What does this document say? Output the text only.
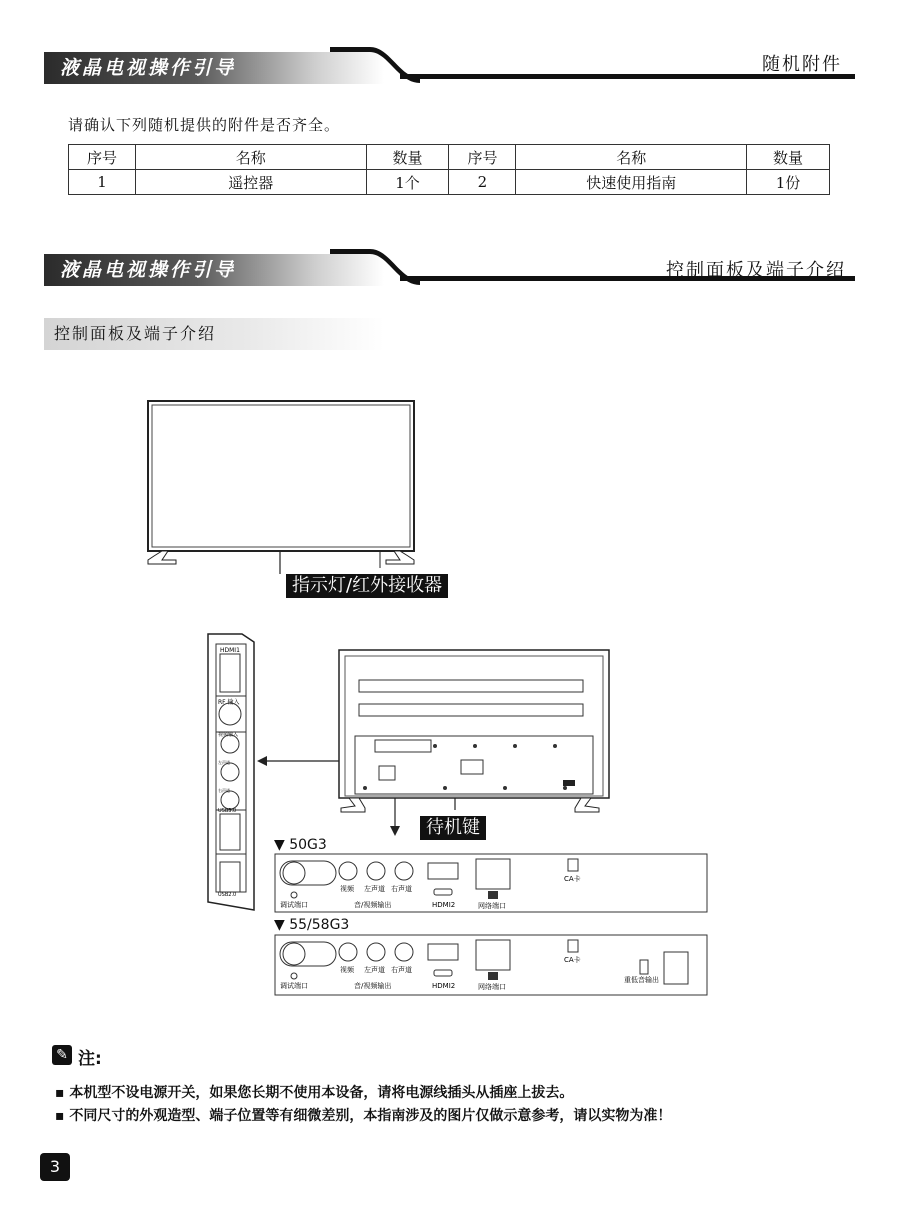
液晶电视操作引导	随机附件
请确认下列随机提供的附件是否齐全。
序号	名称	数量	序号	名称	数量
1	遥控器	1个	2	快速使用指南	1份
液晶电视操作引导	控制面板及端子介绍
控制面板及端子介绍
指示灯/红外接收器
HDMI1
RF 输入
视频输入
左声道
右声道
USB3.0
USB2.0
待机键
▼ 50G3
调试端口
视频 左声道 右声道
音/视频输出	HDMI2	网络端口
CA卡
▼ 55/58G3
调试端口
视频 左声道 右声道
音/视频输出	HDMI2	网络端口
CA卡
重低音输出
✎ 注:
▪ 本机型不设电源开关，如果您长期不使用本设备，请将电源线插头从插座上拔去。
▪ 不同尺寸的外观造型、端子位置等有细微差别，本指南涉及的图片仅做示意参考，请以实物为准！
3
